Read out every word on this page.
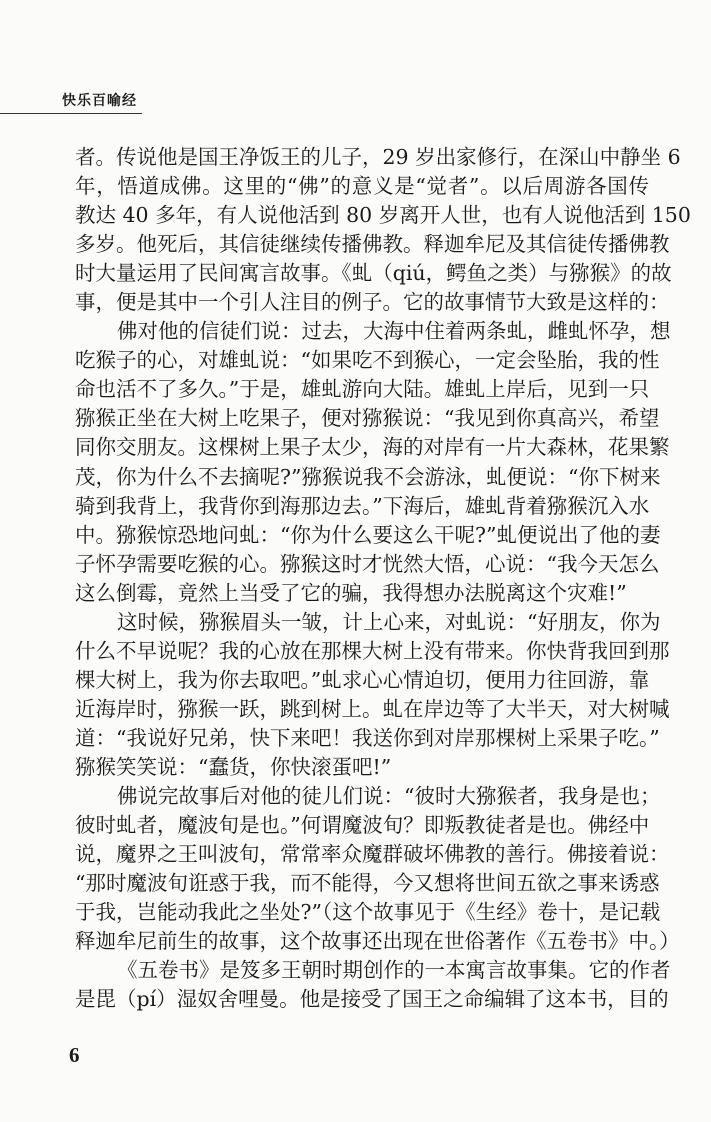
快乐百喻经
者。传说他是国王净饭王的儿子，29 岁出家修行，在深山中静坐 6
年，悟道成佛。这里的“佛”的意义是“觉者”。以后周游各国传
教达 40 多年，有人说他活到 80 岁离开人世，也有人说他活到 150
多岁。他死后，其信徒继续传播佛教。释迦牟尼及其信徒传播佛教
时大量运用了民间寓言故事。《虬（qiú，鳄鱼之类）与猕猴》的故
事，便是其中一个引人注目的例子。它的故事情节大致是这样的：
佛对他的信徒们说：过去，大海中住着两条虬，雌虬怀孕，想
吃猴子的心，对雄虬说：“如果吃不到猴心，一定会坠胎，我的性
命也活不了多久。”于是，雄虬游向大陆。雄虬上岸后，见到一只
猕猴正坐在大树上吃果子，便对猕猴说：“我见到你真高兴，希望
同你交朋友。这棵树上果子太少，海的对岸有一片大森林，花果繁
茂，你为什么不去摘呢?”猕猴说我不会游泳，虬便说：“你下树来
骑到我背上，我背你到海那边去。”下海后，雄虬背着猕猴沉入水
中。猕猴惊恐地问虬：“你为什么要这么干呢?”虬便说出了他的妻
子怀孕需要吃猴的心。猕猴这时才恍然大悟，心说：“我今天怎么
这么倒霉，竟然上当受了它的骗，我得想办法脱离这个灾难!”
这时候，猕猴眉头一皱，计上心来，对虬说：“好朋友，你为
什么不早说呢？我的心放在那棵大树上没有带来。你快背我回到那
棵大树上，我为你去取吧。”虬求心心情迫切，便用力往回游，靠
近海岸时，猕猴一跃，跳到树上。虬在岸边等了大半天，对大树喊
道：“我说好兄弟，快下来吧！我送你到对岸那棵树上采果子吃。”
猕猴笑笑说：“蠢货，你快滚蛋吧!”
佛说完故事后对他的徒儿们说：“彼时大猕猴者，我身是也；
彼时虬者，魔波旬是也。”何谓魔波旬？即叛教徒者是也。佛经中
说，魔界之王叫波旬，常常率众魔群破坏佛教的善行。佛接着说：
“那时魔波旬诳惑于我，而不能得，今又想将世间五欲之事来诱惑
于我，岂能动我此之坐处?”（这个故事见于《生经》卷十，是记载
释迦牟尼前生的故事，这个故事还出现在世俗著作《五卷书》中。）
《五卷书》是笈多王朝时期创作的一本寓言故事集。它的作者
是毘（pí）湿奴舍哩曼。他是接受了国王之命编辑了这本书，目的
6
